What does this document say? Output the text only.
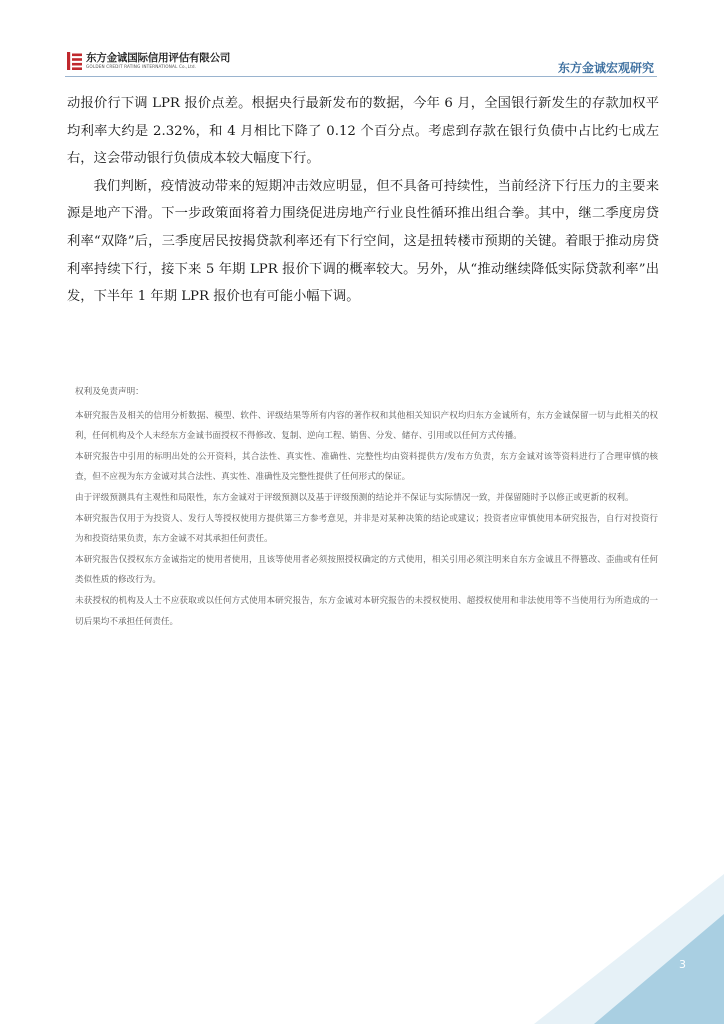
东方金诚国际信用评估有限公司
GOLDEN CREDIT RATING INTERNATIONAL Co.,Ltd.	东方金诚宏观研究

动报价行下调 LPR 报价点差。根据央行最新发布的数据，今年 6 月，全国银行新发生的存款加权平均利率大约是 2.32%，和 4 月相比下降了 0.12 个百分点。考虑到存款在银行负债中占比约七成左右，这会带动银行负债成本较大幅度下行。

我们判断，疫情波动带来的短期冲击效应明显，但不具备可持续性，当前经济下行压力的主要来源是地产下滑。下一步政策面将着力围绕促进房地产行业良性循环推出组合拳。其中，继二季度房贷利率“双降”后，三季度居民按揭贷款利率还有下行空间，这是扭转楼市预期的关键。着眼于推动房贷利率持续下行，接下来 5 年期 LPR 报价下调的概率较大。另外，从“推动继续降低实际贷款利率”出发，下半年 1 年期 LPR 报价也有可能小幅下调。

权利及免责声明：

本研究报告及相关的信用分析数据、模型、软件、评级结果等所有内容的著作权和其他相关知识产权均归东方金诚所有，东方金诚保留一切与此相关的权利，任何机构及个人未经东方金诚书面授权不得修改、复制、逆向工程、销售、分发、储存、引用或以任何方式传播。

本研究报告中引用的标明出处的公开资料，其合法性、真实性、准确性、完整性均由资料提供方/发布方负责，东方金诚对该等资料进行了合理审慎的核查，但不应视为东方金诚对其合法性、真实性、准确性及完整性提供了任何形式的保证。

由于评级预测具有主观性和局限性，东方金诚对于评级预测以及基于评级预测的结论并不保证与实际情况一致，并保留随时予以修正或更新的权利。

本研究报告仅用于为投资人、发行人等授权使用方提供第三方参考意见，并非是对某种决策的结论或建议；投资者应审慎使用本研究报告，自行对投资行为和投资结果负责，东方金诚不对其承担任何责任。

本研究报告仅授权东方金诚指定的使用者使用，且该等使用者必须按照授权确定的方式使用，相关引用必须注明来自东方金诚且不得篡改、歪曲或有任何类似性质的修改行为。

未获授权的机构及人士不应获取或以任何方式使用本研究报告，东方金诚对本研究报告的未授权使用、超授权使用和非法使用等不当使用行为所造成的一切后果均不承担任何责任。

3
